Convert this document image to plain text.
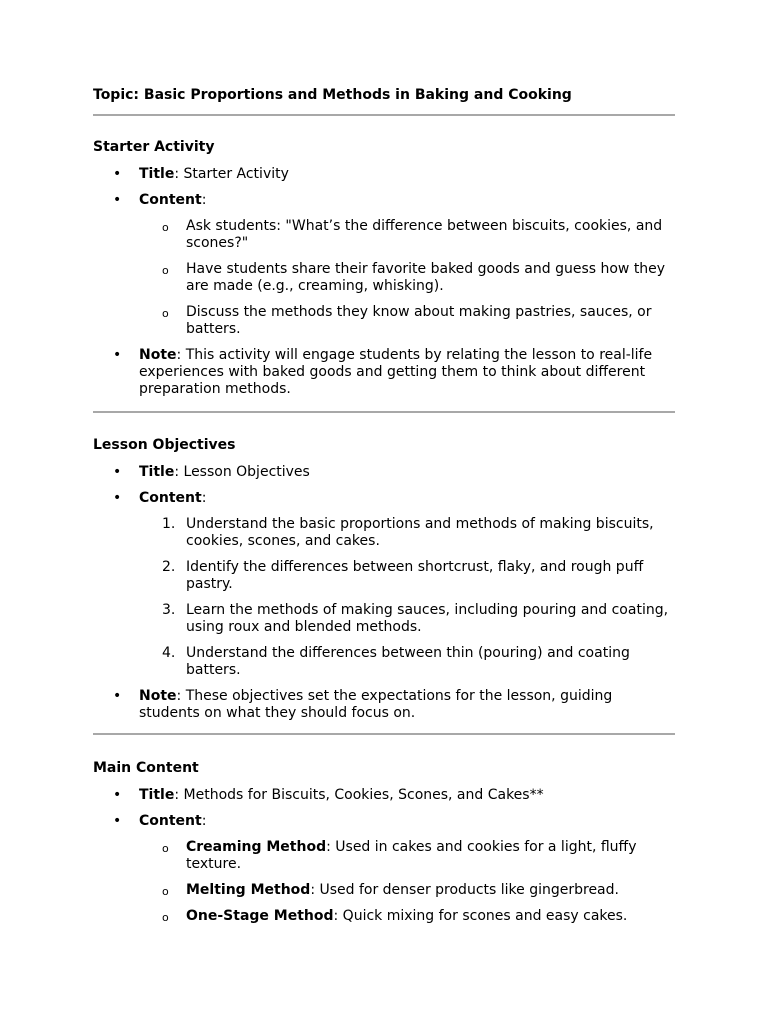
Topic: Basic Proportions and Methods in Baking and Cooking
Starter Activity
• Title: Starter Activity
• Content:
o Ask students: "What’s the difference between biscuits, cookies, and scones?"
o Have students share their favorite baked goods and guess how they are made (e.g., creaming, whisking).
o Discuss the methods they know about making pastries, sauces, or batters.
• Note: This activity will engage students by relating the lesson to real-life experiences with baked goods and getting them to think about different preparation methods.
Lesson Objectives
• Title: Lesson Objectives
• Content:
1. Understand the basic proportions and methods of making biscuits, cookies, scones, and cakes.
2. Identify the differences between shortcrust, flaky, and rough puff pastry.
3. Learn the methods of making sauces, including pouring and coating, using roux and blended methods.
4. Understand the differences between thin (pouring) and coating batters.
• Note: These objectives set the expectations for the lesson, guiding students on what they should focus on.
Main Content
• Title: Methods for Biscuits, Cookies, Scones, and Cakes**
• Content:
o Creaming Method: Used in cakes and cookies for a light, fluffy texture.
o Melting Method: Used for denser products like gingerbread.
o One-Stage Method: Quick mixing for scones and easy cakes.
